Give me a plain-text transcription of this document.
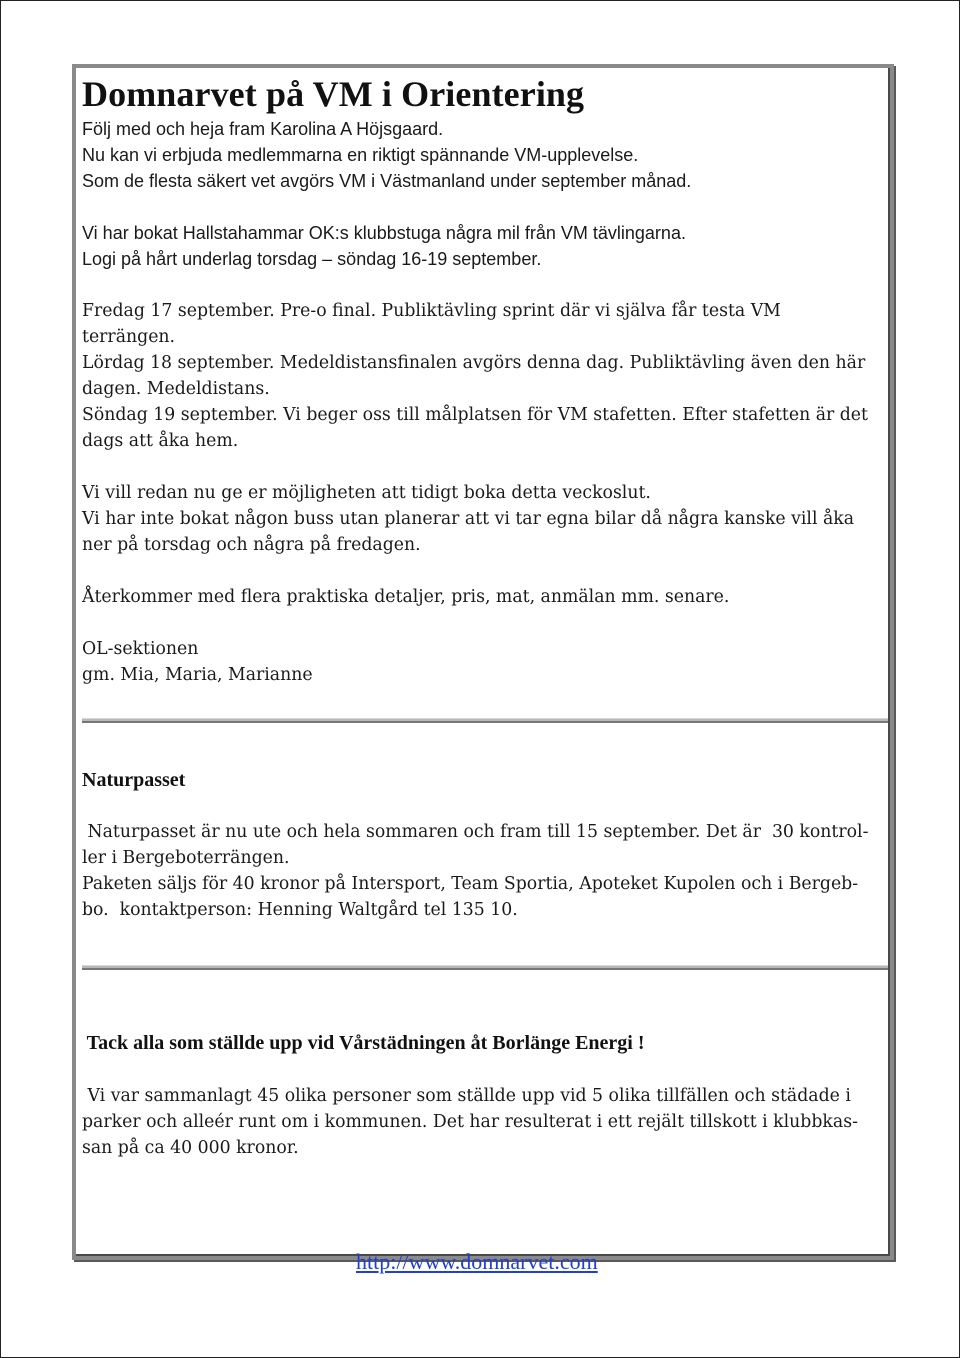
Domnarvet på VM i Orientering
Följ med och heja fram Karolina A Höjsgaard.
Nu kan vi erbjuda medlemmarna en riktigt spännande VM-upplevelse.
Som de flesta säkert vet avgörs VM i Västmanland under september månad.
Vi har bokat Hallstahammar OK:s klubbstuga några mil från VM tävlingarna.
Logi på hårt underlag torsdag – söndag 16-19 september.
Fredag 17 september. Pre-o final. Publiktävling sprint där vi själva får testa VM
terrängen.
Lördag 18 september. Medeldistansfinalen avgörs denna dag. Publiktävling även den här
dagen. Medeldistans.
Söndag 19 september. Vi beger oss till målplatsen för VM stafetten. Efter stafetten är det
dags att åka hem.
Vi vill redan nu ge er möjligheten att tidigt boka detta veckoslut.
Vi har inte bokat någon buss utan planerar att vi tar egna bilar då några kanske vill åka
ner på torsdag och några på fredagen.
Återkommer med flera praktiska detaljer, pris, mat, anmälan mm. senare.
OL-sektionen
gm. Mia, Maria, Marianne
Naturpasset
Naturpasset är nu ute och hela sommaren och fram till 15 september. Det är  30 kontrol-
ler i Bergeboterrängen.
Paketen säljs för 40 kronor på Intersport, Team Sportia, Apoteket Kupolen och i Bergeb-
bo.  kontaktperson: Henning Waltgård tel 135 10.
Tack alla som ställde upp vid Vårstädningen åt Borlänge Energi !
Vi var sammanlagt 45 olika personer som ställde upp vid 5 olika tillfällen och städade i
parker och alleér runt om i kommunen. Det har resulterat i ett rejält tillskott i klubbkas-
san på ca 40 000 kronor.
http://www.domnarvet.com
